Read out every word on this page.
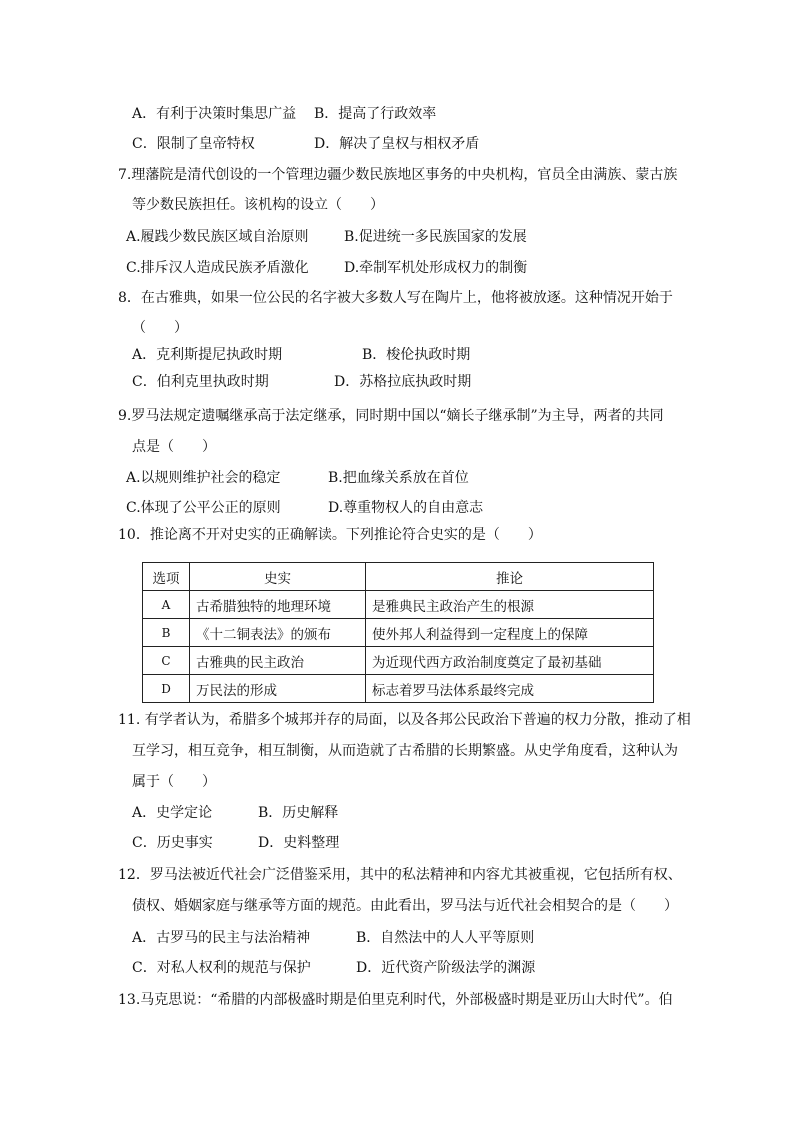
A．有利于决策时集思广益 B．提高了行政效率
C．限制了皇帝特权	D．解决了皇权与相权矛盾
7.理藩院是清代创设的一个管理边疆少数民族地区事务的中央机构，官员全由满族、蒙古族
等少数民族担任。该机构的设立（　　）
A.履践少数民族区域自治原则	B.促进统一多民族国家的发展
C.排斥汉人造成民族矛盾激化	D.牵制军机处形成权力的制衡
8．在古雅典，如果一位公民的名字被大多数人写在陶片上，他将被放逐。这种情况开始于
（　　）
A．克利斯提尼执政时期	B．梭伦执政时期
C．伯利克里执政时期	D．苏格拉底执政时期
9.罗马法规定遗嘱继承高于法定继承，同时期中国以“嫡长子继承制”为主导，两者的共同
点是（　　）
A.以规则维护社会的稳定	B.把血缘关系放在首位
C.体现了公平公正的原则	D.尊重物权人的自由意志
10．推论离不开对史实的正确解读。下列推论符合史实的是（　　）
选项	史实	推论
A	古希腊独特的地理环境	是雅典民主政治产生的根源
B	《十二铜表法》的颁布	使外邦人利益得到一定程度上的保障
C	古雅典的民主政治	为近现代西方政治制度奠定了最初基础
D	万民法的形成	标志着罗马法体系最终完成
11. 有学者认为，希腊多个城邦并存的局面，以及各邦公民政治下普遍的权力分散，推动了相
互学习，相互竞争，相互制衡，从而造就了古希腊的长期繁盛。从史学角度看，这种认为
属于（　　）
A．史学定论	B．历史解释
C．历史事实	D．史料整理
12．罗马法被近代社会广泛借鉴采用，其中的私法精神和内容尤其被重视，它包括所有权、
债权、婚姻家庭与继承等方面的规范。由此看出，罗马法与近代社会相契合的是（　　）
A．古罗马的民主与法治精神	B．自然法中的人人平等原则
C．对私人权利的规范与保护	D．近代资产阶级法学的渊源
13.马克思说：“希腊的内部极盛时期是伯里克利时代，外部极盛时期是亚历山大时代”。伯
